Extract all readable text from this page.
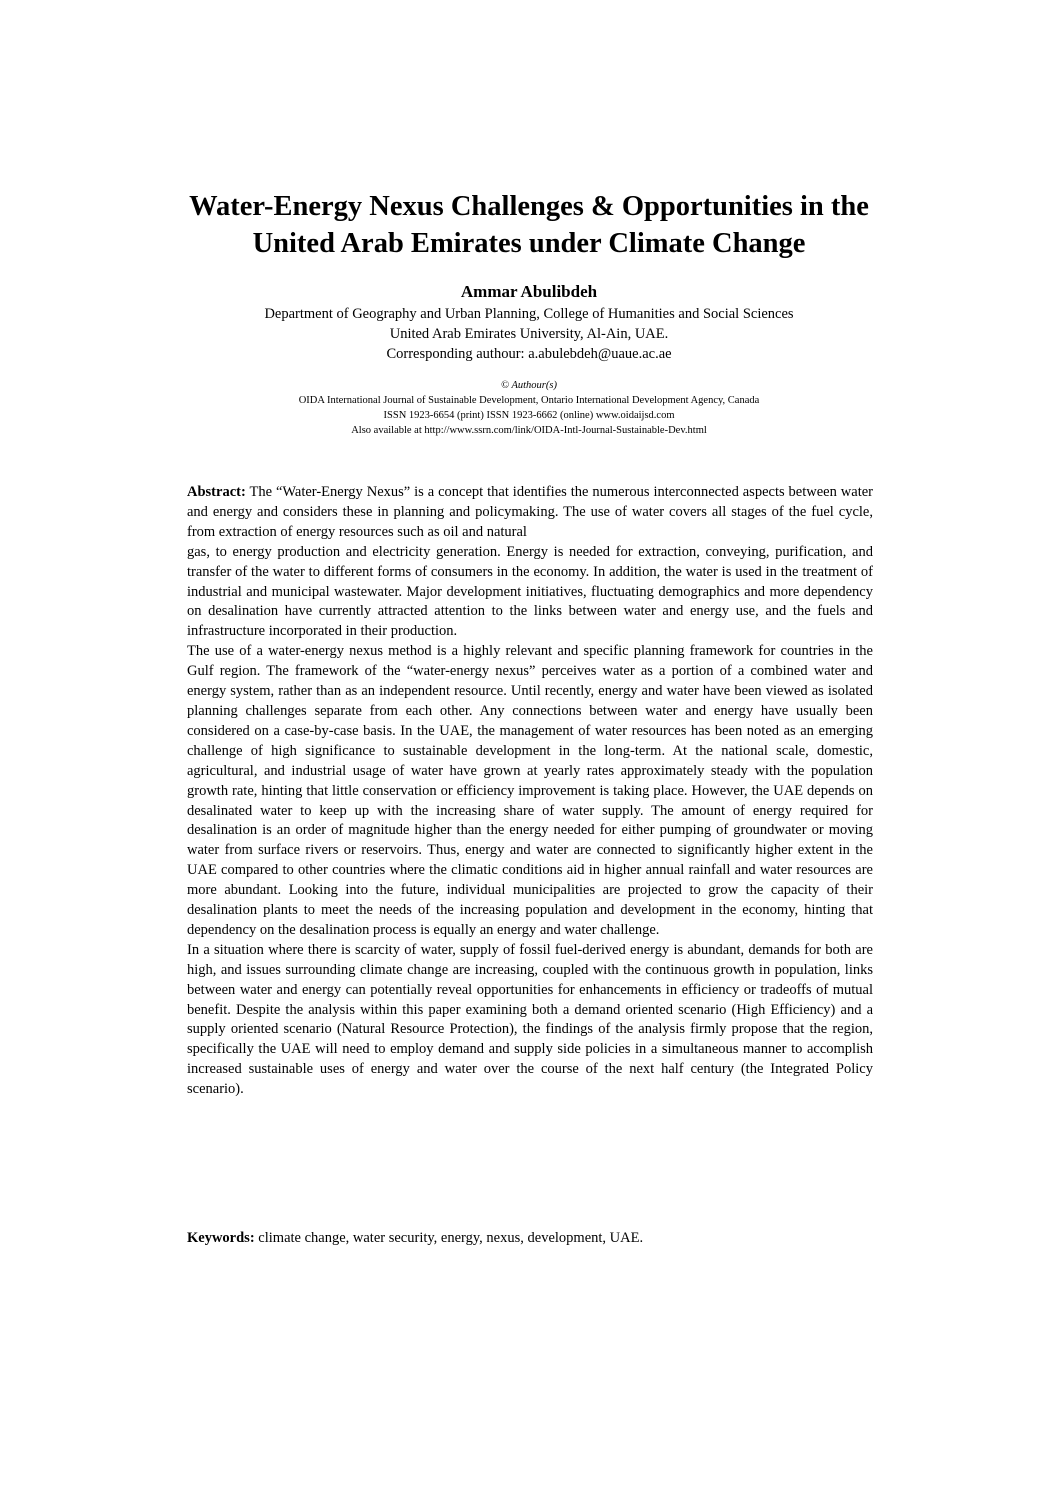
Water-Energy Nexus Challenges & Opportunities in the
United Arab Emirates under Climate Change
Ammar Abulibdeh
Department of Geography and Urban Planning, College of Humanities and Social Sciences
United Arab Emirates University, Al-Ain, UAE.
Corresponding authour: a.abulebdeh@uaue.ac.ae
© Authour(s)
OIDA International Journal of Sustainable Development, Ontario International Development Agency, Canada
ISSN 1923-6654 (print) ISSN 1923-6662 (online) www.oidaijsd.com
Also available at http://www.ssrn.com/link/OIDA-Intl-Journal-Sustainable-Dev.html

Abstract: The “Water-Energy Nexus” is a concept that identifies the numerous interconnected aspects between water and energy and considers these in planning and policymaking. The use of water covers all stages of the fuel cycle, from extraction of energy resources such as oil and natural

gas, to energy production and electricity generation. Energy is needed for extraction, conveying, purification, and transfer of the water to different forms of consumers in the economy. In addition, the water is used in the treatment of industrial and municipal wastewater. Major development initiatives, fluctuating demographics and more dependency on desalination have currently attracted attention to the links between water and energy use, and the fuels and infrastructure incorporated in their production.

The use of a water-energy nexus method is a highly relevant and specific planning framework for countries in the Gulf region. The framework of the “water-energy nexus” perceives water as a portion of a combined water and energy system, rather than as an independent resource. Until recently, energy and water have been viewed as isolated planning challenges separate from each other. Any connections between water and energy have usually been considered on a case-by-case basis. In the UAE, the management of water resources has been noted as an emerging challenge of high significance to sustainable development in the long-term. At the national scale, domestic, agricultural, and industrial usage of water have grown at yearly rates approximately steady with the population growth rate, hinting that little conservation or efficiency improvement is taking place. However, the UAE depends on desalinated water to keep up with the increasing share of water supply. The amount of energy required for desalination is an order of magnitude higher than the energy needed for either pumping of groundwater or moving water from surface rivers or reservoirs. Thus, energy and water are connected to significantly higher extent in the UAE compared to other countries where the climatic conditions aid in higher annual rainfall and water resources are more abundant. Looking into the future, individual municipalities are projected to grow the capacity of their desalination plants to meet the needs of the increasing population and development in the economy, hinting that dependency on the desalination process is equally an energy and water challenge.

In a situation where there is scarcity of water, supply of fossil fuel-derived energy is abundant, demands for both are high, and issues surrounding climate change are increasing, coupled with the continuous growth in population, links between water and energy can potentially reveal opportunities for enhancements in efficiency or tradeoffs of mutual benefit. Despite the analysis within this paper examining both a demand oriented scenario (High Efficiency) and a supply oriented scenario (Natural Resource Protection), the findings of the analysis firmly propose that the region, specifically the UAE will need to employ demand and supply side policies in a simultaneous manner to accomplish increased sustainable uses of energy and water over the course of the next half century (the Integrated Policy scenario).

Keywords: climate change, water security, energy, nexus, development, UAE.
